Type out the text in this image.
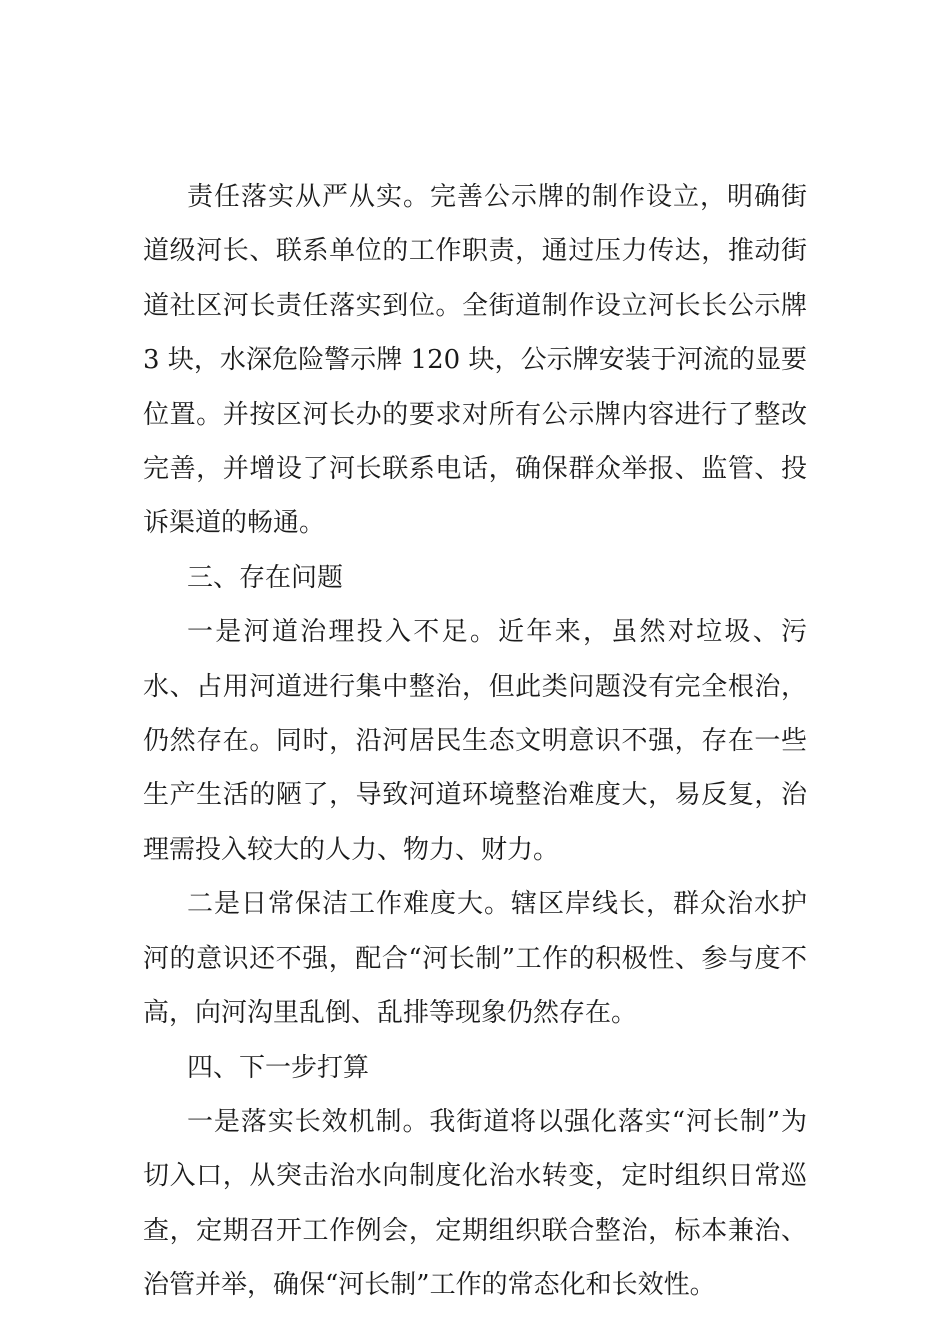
责任落实从严从实。完善公示牌的制作设立，明确街道级河长、联系单位的工作职责，通过压力传达，推动街道社区河长责任落实到位。全街道制作设立河长长公示牌 3 块，水深危险警示牌 120 块，公示牌安装于河流的显要位置。并按区河长办的要求对所有公示牌内容进行了整改完善，并增设了河长联系电话，确保群众举报、监管、投诉渠道的畅通。

三、存在问题

一是河道治理投入不足。近年来，虽然对垃圾、污水、占用河道进行集中整治，但此类问题没有完全根治，仍然存在。同时，沿河居民生态文明意识不强，存在一些生产生活的陋了，导致河道环境整治难度大，易反复，治理需投入较大的人力、物力、财力。

二是日常保洁工作难度大。辖区岸线长，群众治水护河的意识还不强，配合“河长制”工作的积极性、参与度不高，向河沟里乱倒、乱排等现象仍然存在。

四、下一步打算

一是落实长效机制。我街道将以强化落实“河长制”为切入口，从突击治水向制度化治水转变，定时组织日常巡查，定期召开工作例会，定期组织联合整治，标本兼治、治管并举，确保“河长制”工作的常态化和长效性。
